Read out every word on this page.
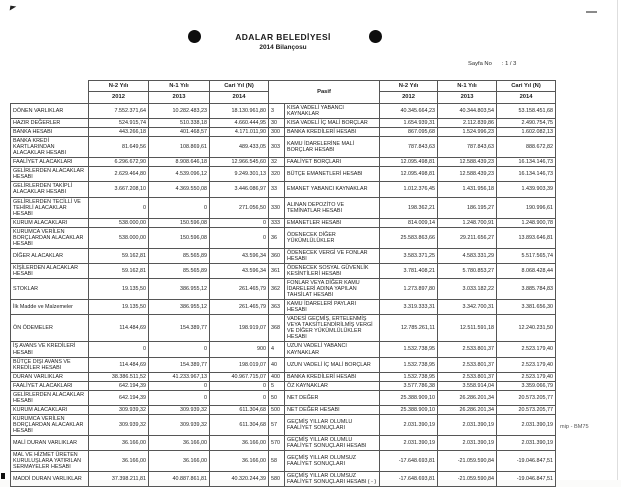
ADALAR BELEDİYESİ
2014 Bilançosu
Sayfa No : 1 / 3
	N-2 Yılı	N-1 Yılı	Cari Yıl (N)	Pasif		N-2 Yılı	N-1 Yılı	Cari Yıl (N)
	2012	2013	2014			2012	2013	2014
DÖNEN VARLIKLAR	7.552.371,64	10.282.483,23	18.130.961,80	3	KISA VADELİ YABANCI KAYNAKLAR	40.345.664,23	40.344.803,54	53.158.451,68
HAZIR DEĞERLER	524.915,74	510.338,18	4.660.444,95	30	KISA VADELİ İÇ MALİ BORÇLAR	1.654.939,31	2.112.839,86	2.490.754,75
BANKA HESABI	443.266,18	401.468,57	4.171.011,90	300	BANKA KREDİLERİ HESABI	867.095,68	1.524.996,23	1.602.082,13
BANKA KREDİ KARTLARINDAN ALACAKLAR HESABI	81.649,56	108.869,61	489.433,05	303	KAMU İDARELERİNE MALİ BORÇLAR HESABI	787.843,63	787.843,63	888.672,82
FAALİYET ALACAKLARI	6.296.672,90	8.908.646,18	12.966.545,60	32	FAALİYET BORÇLARI	12.095.498,81	12.588.439,23	16.134.146,73
GELİRLERDEN ALACAKLAR HESABI	2.629.464,80	4.539.096,12	9.249.301,13	320	BÜTÇE EMANETLERİ HESABI	12.095.498,81	12.588.439,23	16.134.146,73
GELİRLERDEN TAKİPLİ ALACAKLAR HESABI	3.667.208,10	4.369.550,08	3.446.086,97	33	EMANET YABANCI KAYNAKLAR	1.012.376,45	1.431.956,18	1.439.903,39
GELİRLERDEN TECİLLİ VE TEHİRLİ ALACAKLAR HESABI	0	0	271.056,50	330	ALINAN DEPOZİTO VE TEMİNATLAR HESABI	198.362,21	186.195,27	190.996,61
KURUM ALACAKLARI	538.000,00	150.596,08	0	333	EMANETLER HESABI	814.009,14	1.248.700,91	1.248.900,78
KURUMCA VERİLEN BORÇLARDAN ALACAKLAR HESABI	538.000,00	150.596,08	0	36	ÖDENECEK DİĞER YÜKÜMLÜLÜKLER	25.583.863,66	29.211.656,27	13.893.646,81
DİĞER ALACAKLAR	59.162,81	85.565,89	43.596,34	360	ÖDENECEK VERGİ VE FONLAR HESABI	3.583.371,25	4.583.331,29	5.517.565,74
KİŞİLERDEN ALACAKLAR HESABI	59.162,81	85.565,89	43.596,34	361	ÖDENECEK SOSYAL GÜVENLİK KESİNTİLERİ HESABI	3.781.408,21	5.780.853,27	8.068.428,44
STOKLAR	19.135,50	386.955,12	261.465,79	362	FONLAR VEYA DİĞER KAMU İDARELERİ ADINA YAPILAN TAHSİLAT HESABI	1.273.897,80	3.033.182,22	3.885.784,83
İlk Madde ve Malzemeler	19.135,50	386.955,12	261.465,79	363	KAMU İDARELERİ PAYLARI HESABI	3.319.333,31	3.342.700,31	3.381.656,30
ÖN ÖDEMELER	114.484,69	154.389,77	198.919,07	368	VADESİ GEÇMİŞ, ERTELENMİŞ VEYA TAKSİTLENDİRİLMİŞ VERGİ VE DİĞER YÜKÜMLÜLÜKLER HESABI	12.785.261,11	12.511.591,18	12.240.231,50
İŞ AVANS VE KREDİLERİ HESABI	0	0	900	4	UZUN VADELİ YABANCI KAYNAKLAR	1.532.738,95	2.533.801,37	2.523.179,40
BÜTÇE DIŞI AVANS VE KREDİLER HESABI	114.484,69	154.389,77	198.019,07	40	UZUN VADELİ İÇ MALİ BORÇLAR	1.532.738,95	2.533.801,37	2.523.179,40
DURAN VARLIKLAR	38.386.511,52	41.233.967,13	40.967.715,07	400	BANKA KREDİLERİ HESABI	1.532.738,95	2.533.801,37	2.523.179,40
FAALİYET ALACAKLARI	642.194,39	0	0	5	ÖZ KAYNAKLAR	3.577.786,38	3.558.914,04	3.359.066,79
GELİRLERDEN ALACAKLAR HESABI	642.194,39	0	0	50	NET DEĞER	25.388.909,10	26.286.201,34	20.573.205,77
KURUM ALACAKLARI	309.939,32	309.939,32	611.304,68	500	NET DEĞER HESABI	25.388.909,10	26.286.201,34	20.573.205,77
KURUMCA VERİLEN BORÇLARDAN ALACAKLAR HESABI	309.939,32	309.939,32	611.304,68	57	GEÇMİŞ YILLAR OLUMLU FAALİYET SONUÇLARI	2.031.390,19	2.031.390,19	2.031.390,19
MALİ DURAN VARLIKLAR	36.166,00	36.166,00	36.166,00	570	GEÇMİŞ YILLAR OLUMLU FAALİYET SONUÇLARI HESABI	2.031.390,19	2.031.390,19	2.031.390,19
MAL VE HİZMET ÜRETEN KURULUŞLARA YATIRILAN SERMAYELER HESABI	36.166,00	36.166,00	36.166,00	58	GEÇMİŞ YILLAR OLUMSUZ FAALİYET SONUÇLARI	-17.648.693,81	-21.059.590,84	-19.046.847,51
MADDİ DURAN VARLIKLAR	37.398.211,81	40.887.861,81	40.320.244,39	580	GEÇMİŞ YILLAR OLUMSUZ FAALİYET SONUÇLARI HESABI ( - )	-17.648.693,81	-21.059.590,84	-19.046.847,51
mip - BM75
